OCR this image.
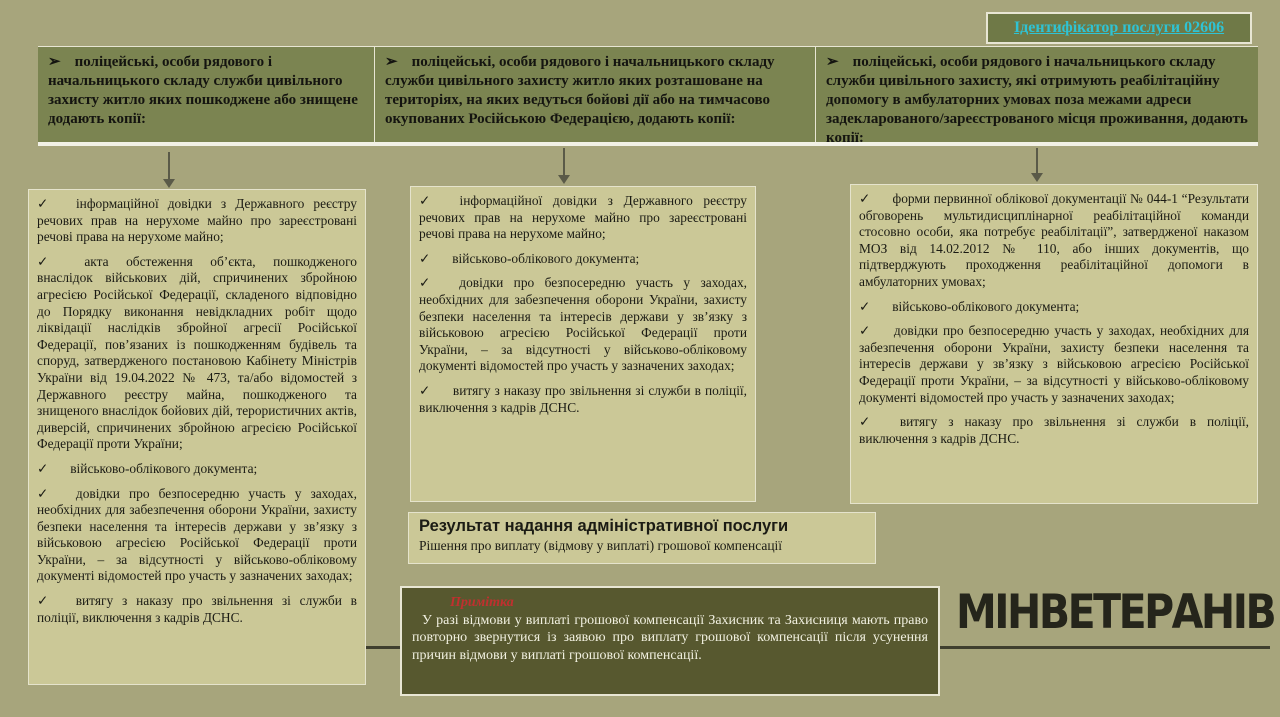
Ідентифікатор послуги 02606
➢ поліцейські, особи рядового і начальницького складу служби цивільного захисту житло яких пошкоджене або знищене додають копії:
➢ поліцейські, особи рядового і начальницького складу служби цивільного захисту житло яких розташоване на територіях, на яких ведуться бойові дії або на тимчасово окупованих Російською Федерацією, додають копії:
➢ поліцейські, особи рядового і начальницького складу служби цивільного захисту, які отримують реабілітаційну допомогу в амбулаторних умовах поза межами адреси задекларованого/зареєстрованого місця проживання, додають копії:

✓ інформаційної довідки з Державного реєстру речових прав на нерухоме майно про зареєстровані речові права на нерухоме майно;

✓ акта обстеження об’єкта, пошкодженого внаслідок військових дій, спричинених збройною агресією Російської Федерації, складеного відповідно до Порядку виконання невідкладних робіт щодо ліквідації наслідків збройної агресії Російської Федерації, пов’язаних із пошкодженням будівель та споруд, затвердженого постановою Кабінету Міністрів України від 19.04.2022 № 473, та/або відомостей з Державного реєстру майна, пошкодженого та знищеного внаслідок бойових дій, терористичних актів, диверсій, спричинених збройною агресією Російської Федерації проти України;

✓ військово-облікового документа;

✓ довідки про безпосередню участь у заходах, необхідних для забезпечення оборони України, захисту безпеки населення та інтересів держави у зв’язку з військовою агресією Російської Федерації проти України, – за відсутності у військово-обліковому документі відомостей про участь у зазначених заходах;

✓ витягу з наказу про звільнення зі служби в поліції, виключення з кадрів ДСНС.

✓ інформаційної довідки з Державного реєстру речових прав на нерухоме майно про зареєстровані речові права на нерухоме майно;

✓ військово-облікового документа;

✓ довідки про безпосередню участь у заходах, необхідних для забезпечення оборони України, захисту безпеки населення та інтересів держави у зв’язку з військовою агресією Російської Федерації проти України, – за відсутності у військово-обліковому документі відомостей про участь у зазначених заходах;

✓ витягу з наказу про звільнення зі служби в поліції, виключення з кадрів ДСНС.

✓ форми первинної облікової документації № 044-1 “Результати обговорень мультидисциплінарної реабілітаційної команди стосовно особи, яка потребує реабілітації”, затвердженої наказом МОЗ від 14.02.2012 № 110, або інших документів, що підтверджують проходження реабілітаційної допомоги в амбулаторних умовах;

✓ військово-облікового документа;

✓ довідки про безпосередню участь у заходах, необхідних для забезпечення оборони України, захисту безпеки населення та інтересів держави у зв’язку з військовою агресією Російської Федерації проти України, – за відсутності у військово-обліковому документі відомостей про участь у зазначених заходах;

✓ витягу з наказу про звільнення зі служби в поліції, виключення з кадрів ДСНС.

Результат надання адміністративної послуги
Рішення про виплату (відмову у виплаті) грошової компенсації
Примітка
У разі відмови у виплаті грошової компенсації Захисник та Захисниця мають право повторно звернутися із заявою про виплату грошової компенсації після усунення причин відмови у виплаті грошової компенсації.
МІНВЕТЕРАНІВ
